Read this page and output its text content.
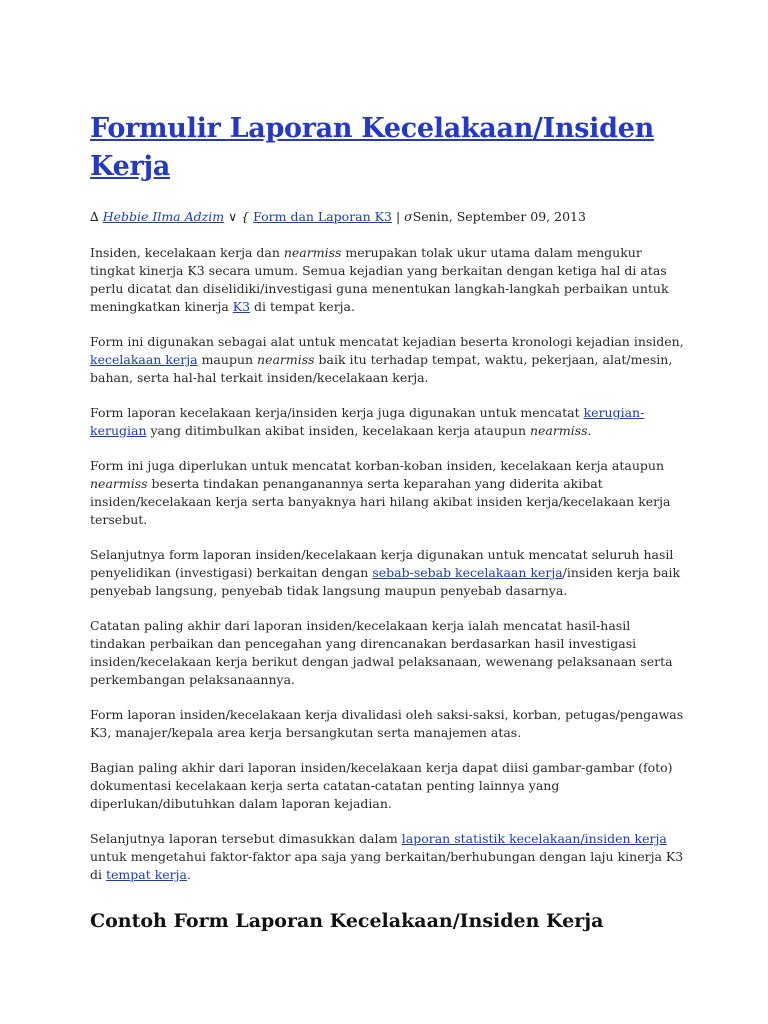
Formulir Laporan Kecelakaan/Insiden Kerja
∆ Hebbie Ilma Adzim ∨ { Form dan Laporan K3 | σSenin, September 09, 2013

Insiden, kecelakaan kerja dan nearmiss merupakan tolak ukur utama dalam mengukur tingkat kinerja K3 secara umum. Semua kejadian yang berkaitan dengan ketiga hal di atas perlu dicatat dan diselidiki/investigasi guna menentukan langkah-langkah perbaikan untuk meningkatkan kinerja K3 di tempat kerja.

Form ini digunakan sebagai alat untuk mencatat kejadian beserta kronologi kejadian insiden, kecelakaan kerja maupun nearmiss baik itu terhadap tempat, waktu, pekerjaan, alat/mesin, bahan, serta hal-hal terkait insiden/kecelakaan kerja.

Form laporan kecelakaan kerja/insiden kerja juga digunakan untuk mencatat kerugian-kerugian yang ditimbulkan akibat insiden, kecelakaan kerja ataupun nearmiss.

Form ini juga diperlukan untuk mencatat korban-koban insiden, kecelakaan kerja ataupun nearmiss beserta tindakan penanganannya serta keparahan yang diderita akibat insiden/kecelakaan kerja serta banyaknya hari hilang akibat insiden kerja/kecelakaan kerja tersebut.

Selanjutnya form laporan insiden/kecelakaan kerja digunakan untuk mencatat seluruh hasil penyelidikan (investigasi) berkaitan dengan sebab-sebab kecelakaan kerja/insiden kerja baik penyebab langsung, penyebab tidak langsung maupun penyebab dasarnya.

Catatan paling akhir dari laporan insiden/kecelakaan kerja ialah mencatat hasil-hasil tindakan perbaikan dan pencegahan yang direncanakan berdasarkan hasil investigasi insiden/kecelakaan kerja berikut dengan jadwal pelaksanaan, wewenang pelaksanaan serta perkembangan pelaksanaannya.

Form laporan insiden/kecelakaan kerja divalidasi oleh saksi-saksi, korban, petugas/pengawas K3, manajer/kepala area kerja bersangkutan serta manajemen atas.

Bagian paling akhir dari laporan insiden/kecelakaan kerja dapat diisi gambar-gambar (foto) dokumentasi kecelakaan kerja serta catatan-catatan penting lainnya yang diperlukan/dibutuhkan dalam laporan kejadian.

Selanjutnya laporan tersebut dimasukkan dalam laporan statistik kecelakaan/insiden kerja untuk mengetahui faktor-faktor apa saja yang berkaitan/berhubungan dengan laju kinerja K3 di tempat kerja.

Contoh Form Laporan Kecelakaan/Insiden Kerja
